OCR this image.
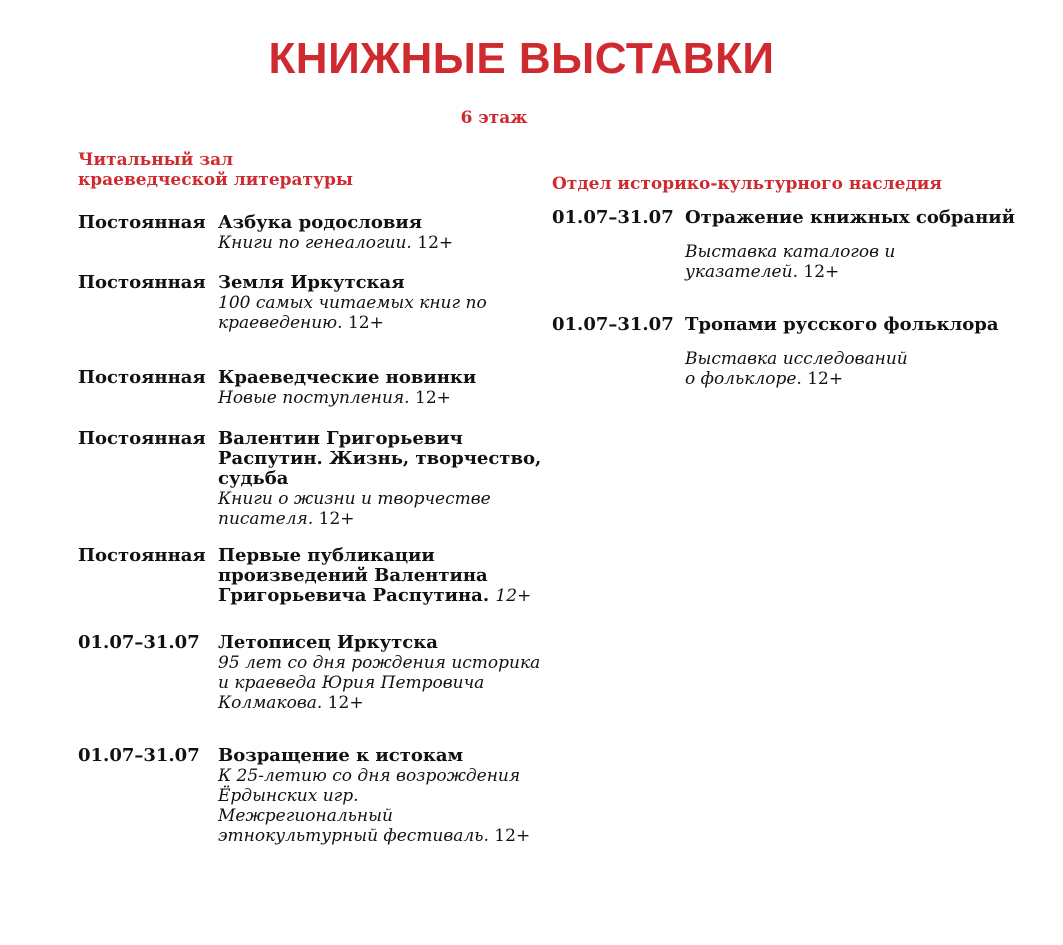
КНИЖНЫЕ ВЫСТАВКИ
6 этаж
Читальный зал
краеведческой литературы
Постоянная Азбука родословия
Книги по генеалогии. 12+
Постоянная Земля Иркутская
100 самых читаемых книг по
краеведению. 12+
Постоянная Краеведческие новинки
Новые поступления. 12+
Постоянная Валентин Григорьевич Распутин. Жизнь, творчество, судьба
Книги о жизни и творчестве
писателя. 12+
Постоянная Первые публикации произведений Валентина Григорьевича Распутина. 12+
01.07–31.07	Летописец Иркутска
95 лет со дня рождения историка
и краеведа Юрия Петровича
Колмакова. 12+
01.07–31.07	Возращение к истокам
К 25-летию со дня возрождения
Ёрдынских игр.
Межрегиональный
этнокультурный фестиваль. 12+
Отдел историко-культурного наследия
01.07–31.07 Отражение книжных собраний
Выставка каталогов и
указателей. 12+
01.07–31.07 Тропами русского фольклора
Выставка исследований
о фольклоре. 12+
